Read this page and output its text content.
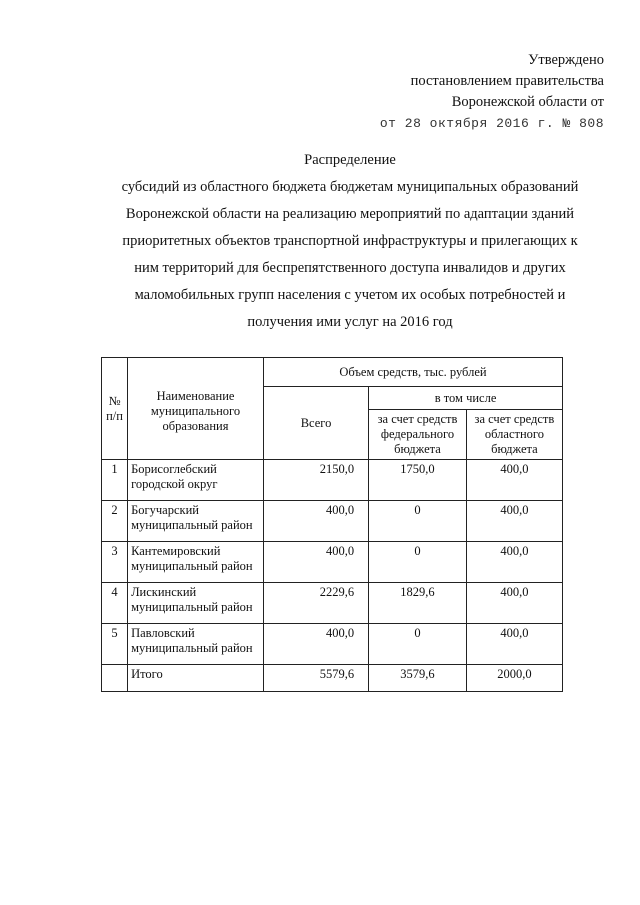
Утверждено
постановлением правительства
Воронежской области от
от 28 октября 2016 г. № 808
Распределение
субсидий из областного бюджета бюджетам муниципальных образований
Воронежской области на реализацию мероприятий по адаптации зданий
приоритетных объектов транспортной инфраструктуры и прилегающих к
ним территорий для беспрепятственного доступа инвалидов и других
маломобильных групп населения с учетом их особых потребностей и
получения ими услуг на 2016 год
№ п/п	Наименование муниципального образования	Объем средств, тыс. рублей		
		Всего	в том числе	
			за счет средств федерального бюджета	за счет средств областного бюджета
1	Борисоглебский городской округ	2150,0	1750,0	400,0
2	Богучарский муниципальный район	400,0	0	400,0
3	Кантемировский муниципальный район	400,0	0	400,0
4	Лискинский муниципальный район	2229,6	1829,6	400,0
5	Павловский муниципальный район	400,0	0	400,0
	Итого	5579,6	3579,6	2000,0
